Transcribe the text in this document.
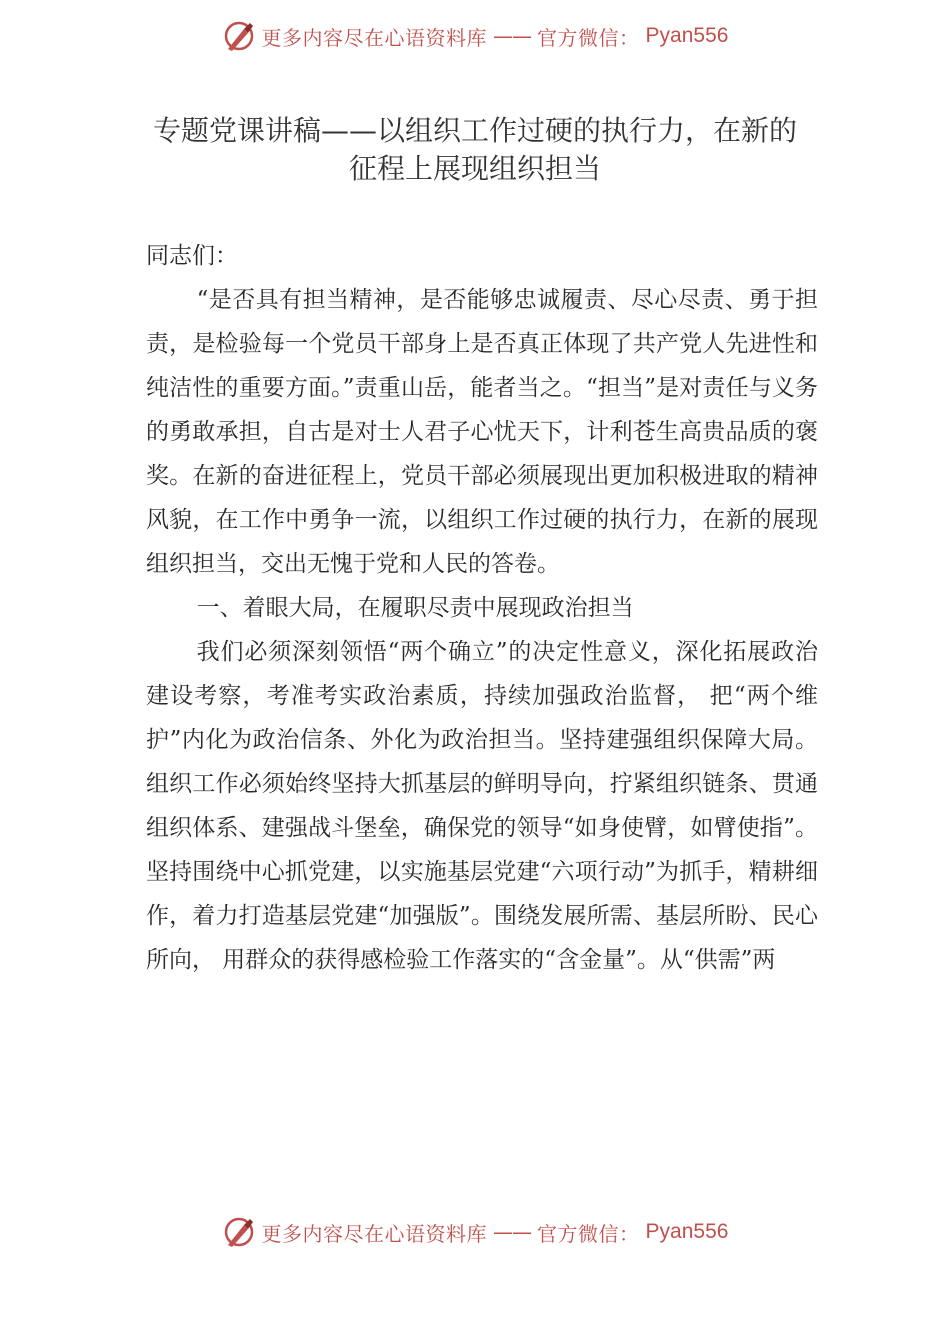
更多内容尽在心语资料库 —— 官方微信： Pyan556
专题党课讲稿——以组织工作过硬的执行力，在新的征程上展现组织担当

同志们：

“是否具有担当精神，是否能够忠诚履责、尽心尽责、勇于担责，是检验每一个党员干部身上是否真正体现了共产党人先进性和纯洁性的重要方面。”责重山岳，能者当之。“担当”是对责任与义务的勇敢承担，自古是对士人君子心忧天下，计利苍生高贵品质的褒奖。在新的奋进征程上，党员干部必须展现出更加积极进取的精神风貌，在工作中勇争一流，以组织工作过硬的执行力，在新的展现组织担当，交出无愧于党和人民的答卷。

一、着眼大局，在履职尽责中展现政治担当

我们必须深刻领悟“两个确立”的决定性意义，深化拓展政治建设考察，考准考实政治素质，持续加强政治监督， 把“两个维护”内化为政治信条、外化为政治担当。坚持建强组织保障大局。组织工作必须始终坚持大抓基层的鲜明导向，拧紧组织链条、贯通组织体系、建强战斗堡垒，确保党的领导“如身使臂，如臂使指”。坚持围绕中心抓党建，以实施基层党建“六项行动”为抓手，精耕细作，着力打造基层党建“加强版”。围绕发展所需、基层所盼、民心所向， 用群众的获得感检验工作落实的“含金量”。从“供需”两

更多内容尽在心语资料库 —— 官方微信： Pyan556
